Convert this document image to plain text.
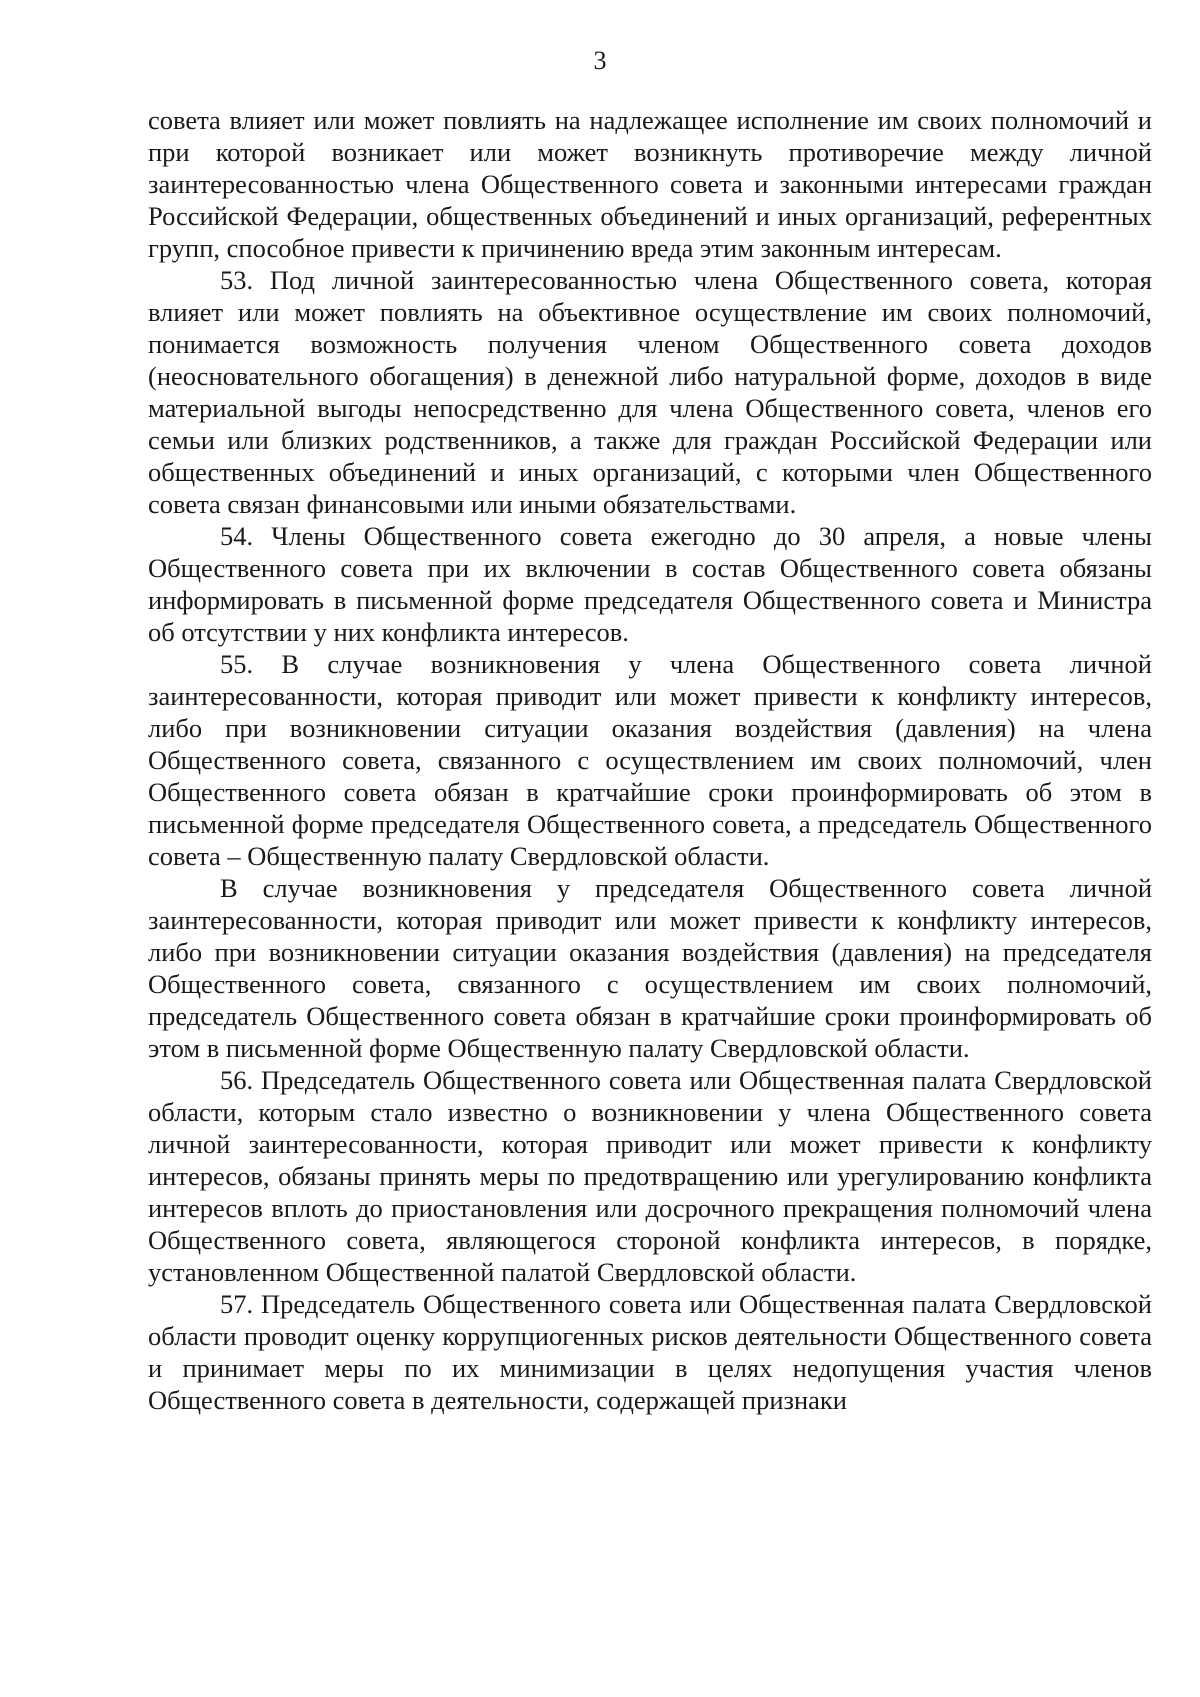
3

совета влияет или может повлиять на надлежащее исполнение им своих полномочий и при которой возникает или может возникнуть противоречие между личной заинтересованностью члена Общественного совета и законными интересами граждан Российской Федерации, общественных объединений и иных организаций, референтных групп, способное привести к причинению вреда этим законным интересам.

53. Под личной заинтересованностью члена Общественного совета, которая влияет или может повлиять на объективное осуществление им своих полномочий, понимается возможность получения членом Общественного совета доходов (неосновательного обогащения) в денежной либо натуральной форме, доходов в виде материальной выгоды непосредственно для члена Общественного совета, членов его семьи или близких родственников, а также для граждан Российской Федерации или общественных объединений и иных организаций, с которыми член Общественного совета связан финансовыми или иными обязательствами.

54. Члены Общественного совета ежегодно до 30 апреля, а новые члены Общественного совета при их включении в состав Общественного совета обязаны информировать в письменной форме председателя Общественного совета и Министра об отсутствии у них конфликта интересов.

55. В случае возникновения у члена Общественного совета личной заинтересованности, которая приводит или может привести к конфликту интересов, либо при возникновении ситуации оказания воздействия (давления) на члена Общественного совета, связанного с осуществлением им своих полномочий, член Общественного совета обязан в кратчайшие сроки проинформировать об этом в письменной форме председателя Общественного совета, а председатель Общественного совета – Общественную палату Свердловской области.

В случае возникновения у председателя Общественного совета личной заинтересованности, которая приводит или может привести к конфликту интересов, либо при возникновении ситуации оказания воздействия (давления) на председателя Общественного совета, связанного с осуществлением им своих полномочий, председатель Общественного совета обязан в кратчайшие сроки проинформировать об этом в письменной форме Общественную палату Свердловской области.

56. Председатель Общественного совета или Общественная палата Свердловской области, которым стало известно о возникновении у члена Общественного совета личной заинтересованности, которая приводит или может привести к конфликту интересов, обязаны принять меры по предотвращению или урегулированию конфликта интересов вплоть до приостановления или досрочного прекращения полномочий члена Общественного совета, являющегося стороной конфликта интересов, в порядке, установленном Общественной палатой Свердловской области.

57. Председатель Общественного совета или Общественная палата Свердловской области проводит оценку коррупциогенных рисков деятельности Общественного совета и принимает меры по их минимизации в целях недопущения участия членов Общественного совета в деятельности, содержащей признаки
